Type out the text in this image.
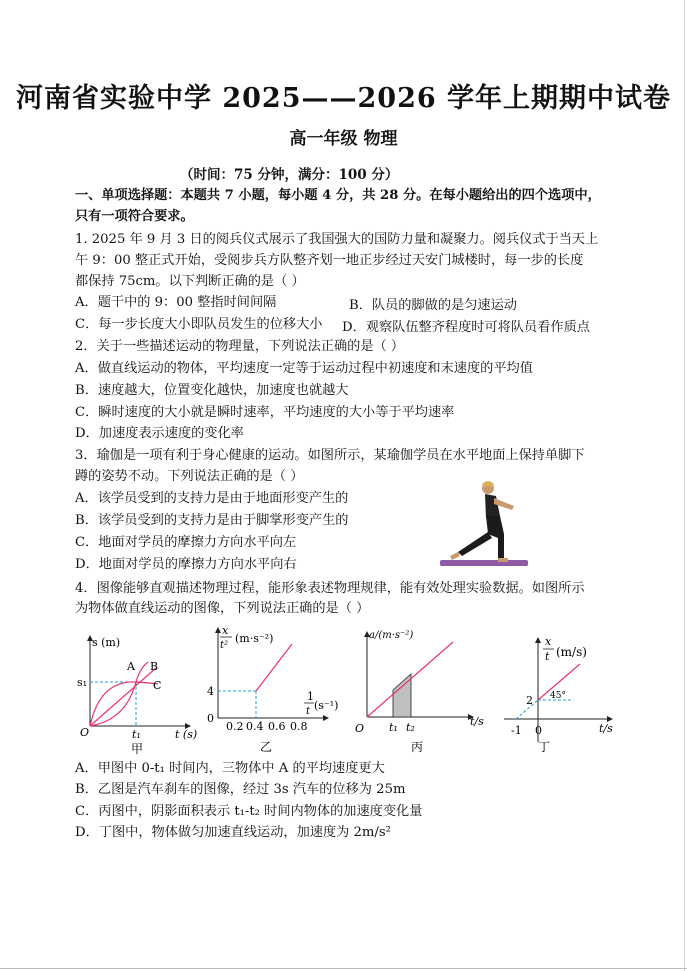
河南省实验中学 2025——2026 学年上期期中试卷
高一年级 物理
（时间：75 分钟，满分：100 分）
一、单项选择题：本题共 7 小题，每小题 4 分，共 28 分。在每小题给出的四个选项中，
只有一项符合要求。
1. 2025 年 9 月 3 日的阅兵仪式展示了我国强大的国防力量和凝聚力。阅兵仪式于当天上
午 9：00 整正式开始，受阅步兵方队整齐划一地正步经过天安门城楼时，每一步的长度
都保持 75cm。以下判断正确的是（ ）
A．题干中的 9：00 整指时间间隔	B．队员的脚做的是匀速运动
C．每一步长度大小即队员发生的位移大小 D．观察队伍整齐程度时可将队员看作质点
2．关于一些描述运动的物理量，下列说法正确的是（ ）
A．做直线运动的物体，平均速度一定等于运动过程中初速度和末速度的平均值
B．速度越大，位置变化越快，加速度也就越大
C．瞬时速度的大小就是瞬时速率，平均速度的大小等于平均速率
D．加速度表示速度的变化率
3．瑜伽是一项有利于身心健康的运动。如图所示，某瑜伽学员在水平地面上保持单脚下
蹲的姿势不动。下列说法正确的是（ ）
A．该学员受到的支持力是由于地面形变产生的
B．该学员受到的支持力是由于脚掌形变产生的
C．地面对学员的摩擦力方向水平向左
D．地面对学员的摩擦力方向水平向右
4．图像能够直观描述物理过程，能形象表述物理规律，能有效处理实验数据。如图所示
为物体做直线运动的图像，下列说法正确的是（ ）
s (m)
s₁
A B
C
O	t₁	t (s)
甲
x
t²
(m·s⁻²)
4
0
0.2 0.4 0.6 0.8
1
t (s⁻¹)
乙
a/(m·s⁻²)
O t₁ t₂	t/s
丙
x
t (m/s)
2 45°
-1 0	t/s
丁
A．甲图中 0-t₁ 时间内，三物体中 A 的平均速度更大
B．乙图是汽车刹车的图像，经过 3s 汽车的位移为 25m
C．丙图中，阴影面积表示 t₁-t₂ 时间内物体的加速度变化量
D．丁图中，物体做匀加速直线运动，加速度为 2m/s²
